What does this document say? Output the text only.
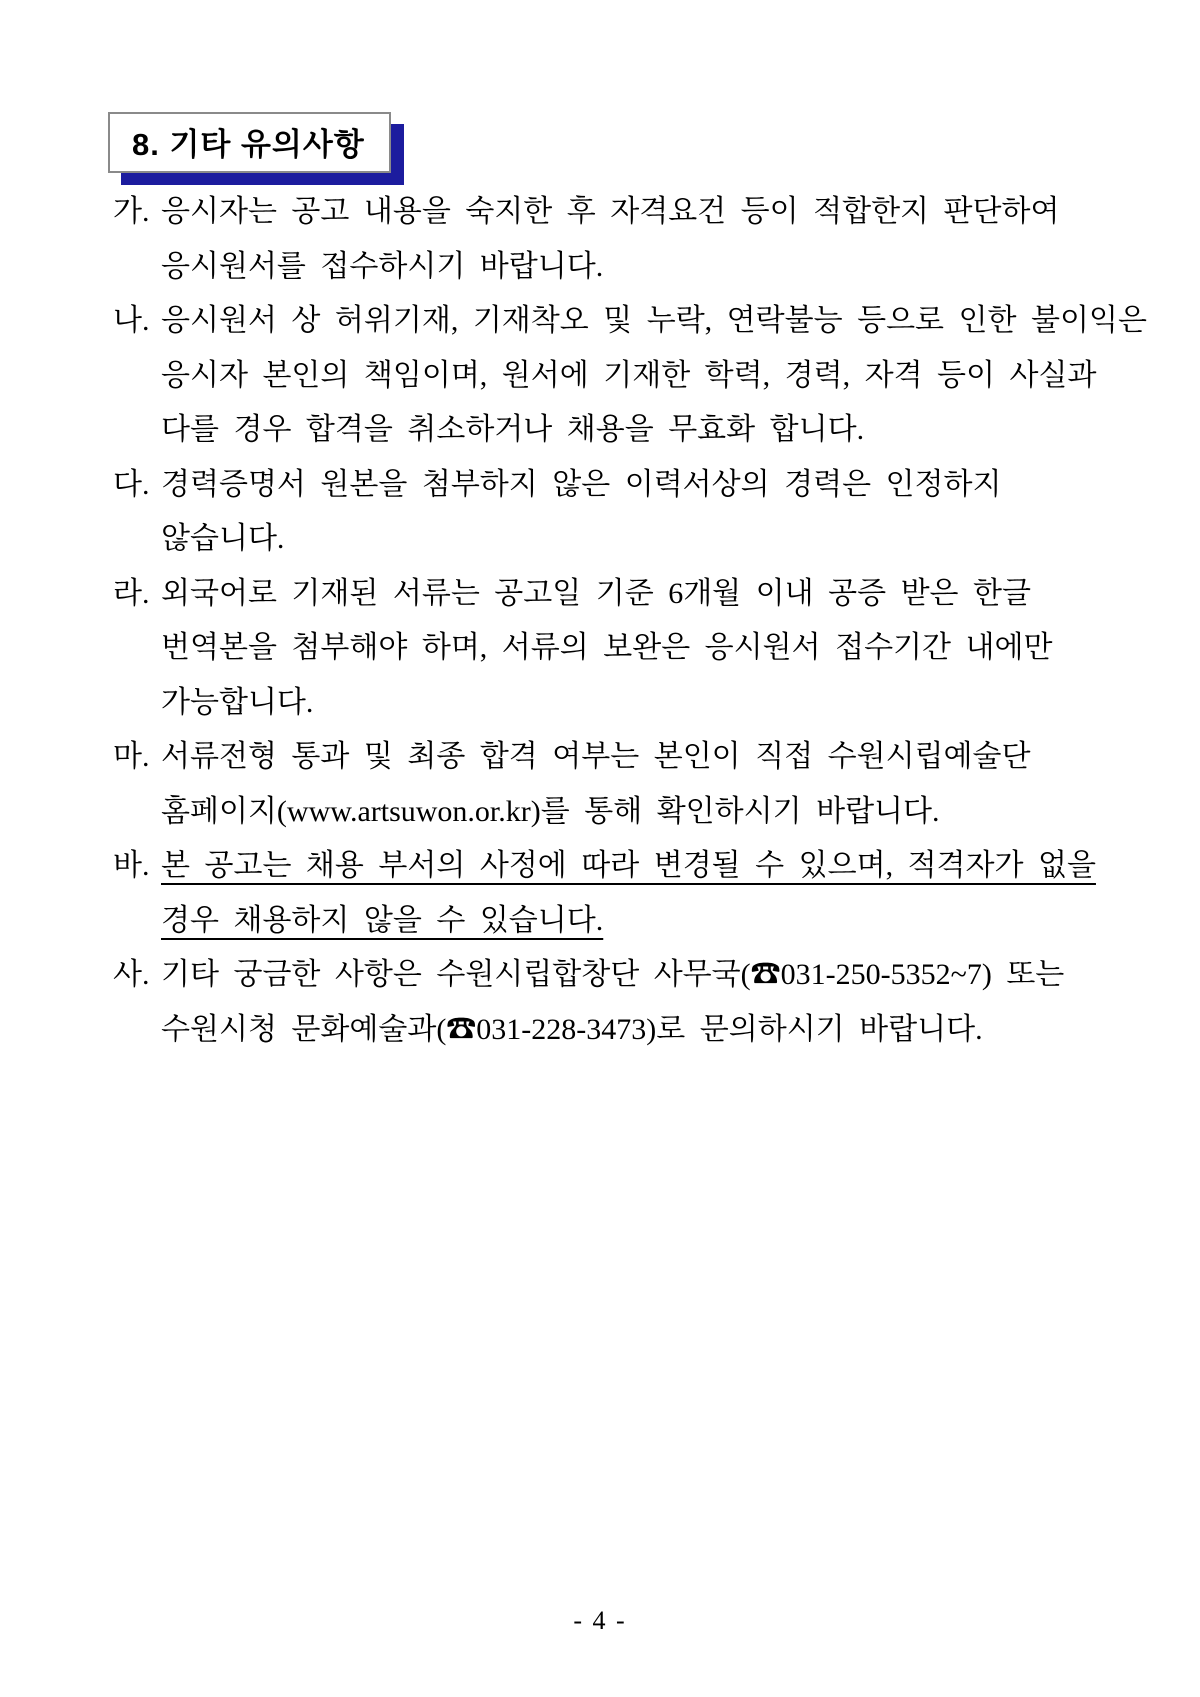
8. 기타 유의사항
가. 응시자는 공고 내용을 숙지한 후 자격요건 등이 적합한지 판단하여
응시원서를 접수하시기 바랍니다.
나. 응시원서 상 허위기재, 기재착오 및 누락, 연락불능 등으로 인한 불이익은
응시자 본인의 책임이며, 원서에 기재한 학력, 경력, 자격 등이 사실과
다를 경우 합격을 취소하거나 채용을 무효화 합니다.
다. 경력증명서 원본을 첨부하지 않은 이력서상의 경력은 인정하지
않습니다.
라. 외국어로 기재된 서류는 공고일 기준 6개월 이내 공증 받은 한글
번역본을 첨부해야 하며, 서류의 보완은 응시원서 접수기간 내에만
가능합니다.
마. 서류전형 통과 및 최종 합격 여부는 본인이 직접 수원시립예술단
홈페이지(www.artsuwon.or.kr)를 통해 확인하시기 바랍니다.
바. 본 공고는 채용 부서의 사정에 따라 변경될 수 있으며, 적격자가 없을
경우 채용하지 않을 수 있습니다.
사. 기타 궁금한 사항은 수원시립합창단 사무국(☎031-250-5352~7) 또는
수원시청 문화예술과(☎031-228-3473)로 문의하시기 바랍니다.
- 4 -
